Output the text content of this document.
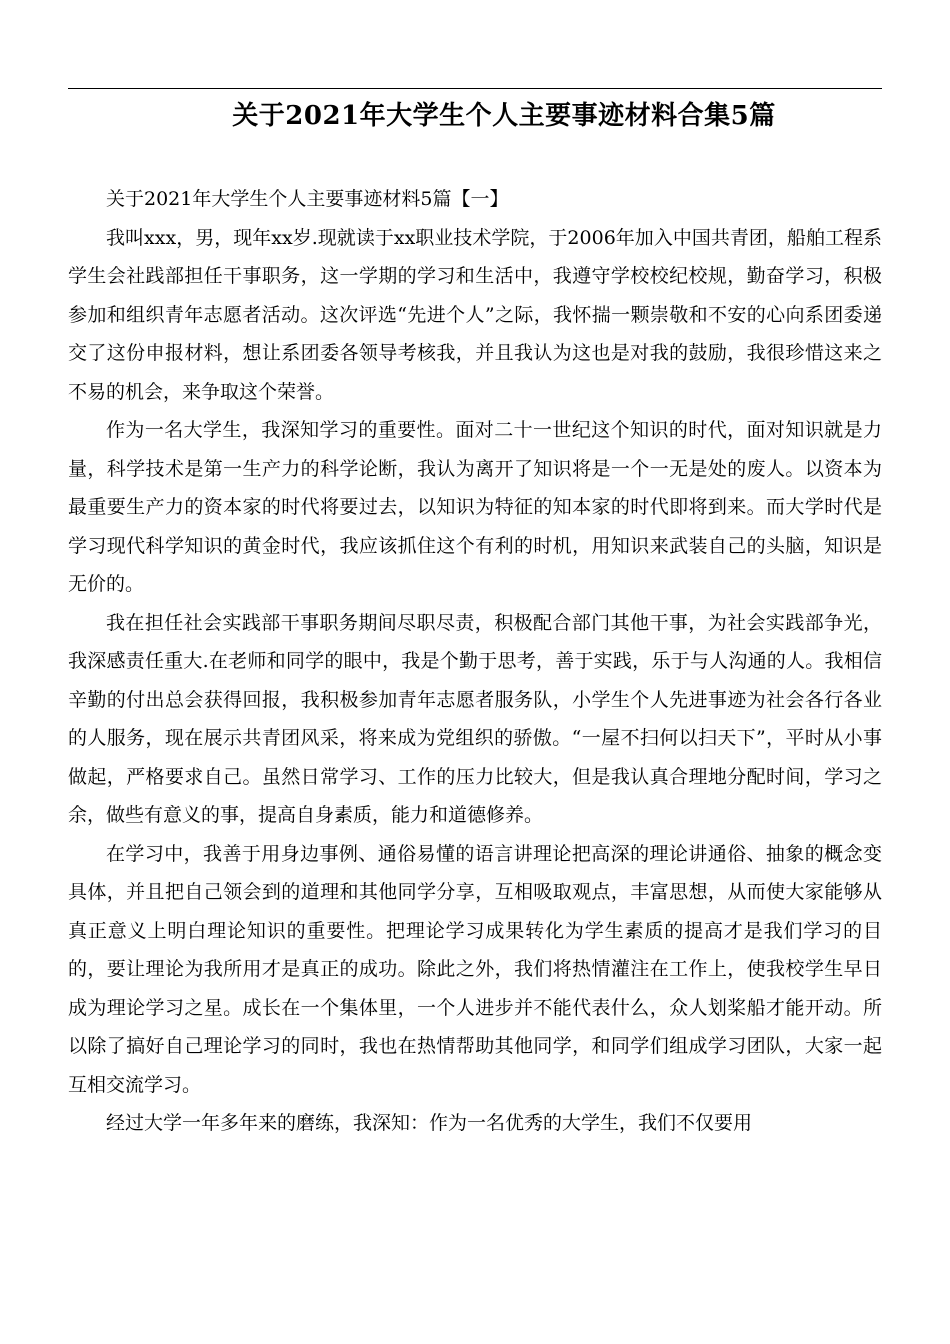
关于2021年大学生个人主要事迹材料合集5篇

关于2021年大学生个人主要事迹材料5篇【一】

我叫xxx，男，现年xx岁.现就读于xx职业技术学院，于2006年加入中国共青团，船舶工程系学生会社践部担任干事职务，这一学期的学习和生活中，我遵守学校校纪校规，勤奋学习，积极参加和组织青年志愿者活动。这次评选“先进个人”之际，我怀揣一颗崇敬和不安的心向系团委递交了这份申报材料，想让系团委各领导考核我，并且我认为这也是对我的鼓励，我很珍惜这来之不易的机会，来争取这个荣誉。

作为一名大学生，我深知学习的重要性。面对二十一世纪这个知识的时代，面对知识就是力量，科学技术是第一生产力的科学论断，我认为离开了知识将是一个一无是处的废人。以资本为最重要生产力的资本家的时代将要过去，以知识为特征的知本家的时代即将到来。而大学时代是学习现代科学知识的黄金时代，我应该抓住这个有利的时机，用知识来武装自己的头脑，知识是无价的。

我在担任社会实践部干事职务期间尽职尽责，积极配合部门其他干事，为社会实践部争光，我深感责任重大.在老师和同学的眼中，我是个勤于思考，善于实践，乐于与人沟通的人。我相信辛勤的付出总会获得回报，我积极参加青年志愿者服务队，小学生个人先进事迹为社会各行各业的人服务，现在展示共青团风采，将来成为党组织的骄傲。“一屋不扫何以扫天下”，平时从小事做起，严格要求自己。虽然日常学习、工作的压力比较大，但是我认真合理地分配时间，学习之余，做些有意义的事，提高自身素质，能力和道德修养。

在学习中，我善于用身边事例、通俗易懂的语言讲理论把高深的理论讲通俗、抽象的概念变具体，并且把自己领会到的道理和其他同学分享，互相吸取观点，丰富思想，从而使大家能够从真正意义上明白理论知识的重要性。把理论学习成果转化为学生素质的提高才是我们学习的目的，要让理论为我所用才是真正的成功。除此之外，我们将热情灌注在工作上，使我校学生早日成为理论学习之星。成长在一个集体里，一个人进步并不能代表什么，众人划桨船才能开动。所以除了搞好自己理论学习的同时，我也在热情帮助其他同学，和同学们组成学习团队，大家一起互相交流学习。

经过大学一年多年来的磨练，我深知：作为一名优秀的大学生，我们不仅要用
